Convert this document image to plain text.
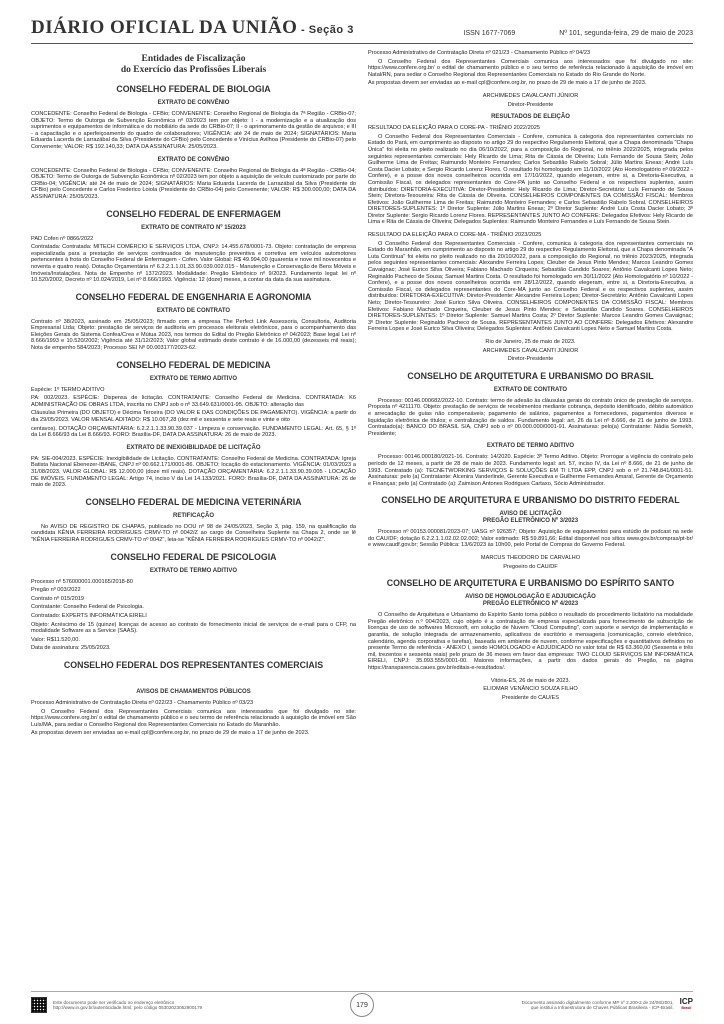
DIÁRIO OFICIAL DA UNIÃO - Seção 3	ISSN 1677-7069	Nº 101, segunda-feira, 29 de maio de 2023
Entidades de Fiscalização
do Exercício das Profissões Liberais
CONSELHO FEDERAL DE BIOLOGIA
EXTRATO DE CONVÊNIO

CONCEDENTE: Conselho Federal de Biologia - CFBio; CONVENENTE: Conselho Regional de Biologia da 7ª Região - CRBio-07; OBJETO: Termo de Outorga de Subvenção Econômica nº 03/2023 tem por objeto: I - a modernização e a atualização dos suprimentos e equipamentos de informática e do mobiliário da sede do CRBio-07; II - o aprimoramento da gestão de arquivos; e III - a capacitação e o aperfeiçoamento do quadro de colaboradores; VIGÊNCIA: até 24 de maio de 2024; SIGNATÁRIOS: Maria Eduarda Lacerda de Larrazábal da Silva (Presidente do CFBio) pelo Concedente e Vinícius Avilhoa (Presidente do CRBio-07) pelo Convenente; VALOR: R$ 192.140,33; DATA DA ASSINATURA: 25/05/2023.

EXTRATO DE CONVÊNIO

CONCEDENTE: Conselho Federal de Biologia - CFBio; CONVENENTE: Conselho Regional de Biologia da 4ª Região - CRBio-04; OBJETO: Termo de Outorga de Subvenção Econômica nº 02/2023 tem por objeto a aquisição de veículo customizado por parte do CRBio-04; VIGÊNCIA: até 24 de maio de 2024; SIGNATÁRIOS: Maria Eduarda Lacerda de Larrazábal da Silva (Presidente do CFBio) pelo Concedente e Carlos Frederico Loiola (Presidente do CRBio-04) pelo Convenente; VALOR: R$ 300.000,00; DATA DA ASSINATURA: 25/05/2023.

CONSELHO FEDERAL DE ENFERMAGEM
EXTRATO DE CONTRATO Nº 15/2023

PAD Cofen nº 0866/2022

Contratada: Contratada: MITECH COMÉRCIO E SERVIÇOS LTDA, CNPJ: 14.455.678/0001-73. Objeto: contratação de empresa especializada para a prestação de serviços continuados de manutenção preventiva e corretiva em veículos automotores pertencentes à frota do Conselho Federal de Enfermagem - Cofen. Valor Global: R$ 49.994,00 (quarenta e nove mil novecentos e noventa e quatro reais). Dotação Orçamentária nº 6.2.2.1.1.01.33.90.039.002.015 - Manutenção e Conservação de Bens Móveis e Imóveis/Instalações. Nota de Empenho nº 1372/2023. Modalidade: Pregão Eletrônico nº 9/2023. Fundamento legal: lei nº 10.520/2002, Decreto nº 10.024/2019, Lei nº 8.666/1993. Vigência: 12 (doze) meses, a contar da data da sua assinatura.

CONSELHO FEDERAL DE ENGENHARIA E AGRONOMIA
EXTRATO DE CONTRATO

Contrato nº 38/2023, assinado em 25/05/2023; firmado com a empresa The Perfect Link Assessoria, Consultoria, Auditoria Empresarial Ltda; Objeto: prestação de serviços de auditoria em processos eleitorais eletrônicos, para o acompanhamento das Eleições Gerais do Sistema Confea/Crea e Mútua 2023, nos termos do Edital do Pregão Eletrônico nº 04/2023; Base legal Lei nº 8.666/1993 e 10.520/2002; Vigência até 31/12/2023; Valor global estimado deste contrato é de 16.000,00 (dezesseis mil reais); Nota de empenho 584/2023; Processo SEI Nº 00.003177/2023-62.

CONSELHO FEDERAL DE MEDICINA
EXTRATO DE TERMO ADITIVO

Espécie: 1º TERMO ADITIVO

PA: 002/2023. ESPÉCIE: Dispensa de licitação. CONTRATANTE: Conselho Federal de Medicina. CONTRATADA: K6 ADMINISTRAÇÃO DE OBRAS LTDA, inscrita no CNPJ sob o nº 33.649.631/0001-95. OBJETO: alteração das

Cláusulas Primeira (DO OBJETO) e Décima Terceira (DO VALOR E DAS CONDIÇÕES DE PAGAMENTO). VIGÊNCIA: a partir do dia 29/05/2023. VALOR MENSAL ADITADO: R$ 10.067,28 (dez mil e sessenta e sete reais e vinte e oito

centavos). DOTAÇÃO ORÇAMENTÁRIA: 6.2.2.1.1.33.90.39.037 - Limpeza e conservação. FUNDAMENTO LEGAL: Art. 65, § 1º da Lei 8.666/93 da Lei 8.666/93. FORO: Brasília-DF, DATA DA ASSINATURA: 26 de maio de 2023.

EXTRATO DE INEXIGIBILIDADE DE LICITAÇÃO

PA: SIE-004/2023. ESPÉCIE: Inexigibilidade de Licitação. CONTRATANTE: Conselho Federal de Medicina. CONTRATADA: Igreja Batista Nacional Ebenezer-IBANE, CNPJ nº 00.662.171/0001-86. OBJETO: locação do estacionamento. VIGÊNCIA: 01/03/2023 a 31/08/2023. VALOR GLOBAL: R$ 12.000,00 (doze mil reais). DOTAÇÃO ORÇAMENTÁRIA: 6.2.2.1.1.33.90.39.005 - LOCAÇÃO DE IMÓVEIS. FUNDAMENTO LEGAL: Artigo 74, inciso V da Lei 14.133/2021. FORO: Brasília-DF, DATA DA ASSINATURA: 26 de maio de 2023.

CONSELHO FEDERAL DE MEDICINA VETERINÁRIA
RETIFICAÇÃO

No AVISO DE REGISTRO DE CHAPAS, publicado no DOU nº 98 de 24/05/2023, Seção 3, pág. 159, na qualificação da candidata KÊNIA FERREIRA RODRIGUES CRMV-TO nº 0042/Z ao cargo de Conselheira Suplente na Chapa 2, onde se lê "KÊNIA FERREIRA RODRIGUES CRMV-TO nº 0042", leia-se "KÊNIA FERREIRA RODRIGUES CRMV-TO nº 0042/Z".

CONSELHO FEDERAL DE PSICOLOGIA
EXTRATO DE TERMO ADITIVO

Processo nº 576000001.000165/2018-80

Pregão nº 003/2022

Contrato nº 015/2019

Contratante: Conselho Federal de Psicologia.

Contratado: EXPERTS INFORMÁTICA EIRELI

Objeto: Acréscimo de 15 (quinze) licenças de acesso ao contrato de fornecimento inicial de serviços de e-mail para o CFP, na modalidade Software as a Service (SAAS).

Valor: R$11.520,00.

Data de assinatura: 25/05/2023.

CONSELHO FEDERAL DOS REPRESENTANTES COMERCIAIS
AVISOS DE CHAMAMENTOS PÚBLICOS

Processo Administrativo de Contratação Direta nº 022/23 - Chamamento Público nº 03/23

O Conselho Federal dos Representantes Comerciais comunica aos interessados que foi divulgado no site: https://www.confere.org.br/ o edital de chamamento público e o seu termo de referência relacionado à aquisição de imóvel em São Luís/MA, para sediar o Conselho Regional dos Representantes Comerciais no Estado do Maranhão.

As propostas devem ser enviadas ao e-mail cpl@confere.org.br, no prazo de 29 de maio a 17 de junho de 2023.

Processo Administrativo de Contratação Direta nº 021/23 - Chamamento Público nº 04/23

O Conselho Federal dos Representantes Comerciais comunica aos interessados que foi divulgado no site: https://www.confere.org.br/ o edital de chamamento público e o seu termo de referência relacionado à aquisição de imóvel em Natal/RN, para sediar o Conselho Regional dos Representantes Comerciais no Estado do Rio Grande do Norte.

As propostas devem ser enviadas ao e-mail cpl@confere.org.br, no prazo de 29 de maio a 17 de junho de 2023.

ARCHIMEDES CAVALCANTI JÚNIOR

Diretor-Presidente

RESULTADOS DE ELEIÇÃO

RESULTADO DA ELEIÇÃO PARA O CORE-PA - TRIÊNIO 2022/2025

O Conselho Federal dos Representantes Comerciais - Confere, comunica à categoria dos representantes comerciais no Estado do Pará, em cumprimento ao disposto no artigo 29 do respectivo Regulamento Eleitoral, que a Chapa denominada "Chapa Única" foi eleita no pleito realizado no dia 06/10/2022, para a composição do Regional, no triênio 2022/2025, integrada pelos seguintes representantes comerciais: Hely Ricardo de Lima; Rita de Cássia de Oliveira; Luís Fernando de Sousa Stein; João Guilherme Lima de Freitas; Raimundo Monteiro Fernandes; Carlos Sebastião Rabelo Sobral; Júlio Martins Eneas; André Luís Costa Dacier Lobato; e Sergio Ricardo Lorenz Flores. O resultado foi homologado em 11/10/2022 (Ato Homologatório nº 09/2022 - Confere), e a posse dos novos conselheiros ocorrida em 17/10/2022, quando elegeram, entre si, a Diretoria-Executiva, a Comissão Fiscal, os delegados representantes do Core-PA junto ao Conselho Federal e os respectivos suplentes, assim distribuídos: DIRETORIA-EXECUTIVA: Diretor-Presidente: Hely Ricardo de Lima; Diretor-Secretário: Luís Fernando de Sousa Stein; Diretora-Tesoureira: Rita de Cássia de Oliveira. CONSELHEIROS COMPONENTES DA COMISSÃO FISCAL: Membros Efetivos: João Guilherme Lima de Freitas; Raimundo Monteiro Fernandes; e Carlos Sebastião Rabelo Sobral. CONSELHEIROS DIRETORES-SUPLENTES: 1º Diretor Suplente: Júlio Martins Eneas; 2º Diretor Suplente: André Luís Costa Dacier Lobato; 3º Diretor Suplente: Sergio Ricardo Lorenz Flores. REPRESENTANTES JUNTO AO CONFERE: Delegados Efetivos: Hely Ricardo de Lima e Rita de Cássia de Oliveira; Delegados Suplentes: Raimundo Monteiro Fernandes e Luís Fernando de Sousa Stein.

RESULTADO DA ELEIÇÃO PARA O CORE-MA - TRIÊNIO 2023/2025

O Conselho Federal dos Representantes Comerciais - Confere, comunica à categoria dos representantes comerciais no Estado do Maranhão, em cumprimento ao disposto no artigo 29 do respectivo Regulamento Eleitoral, que a Chapa denominada "A Luta Continua" foi eleita no pleito realizado no dia 20/10/2022, para a composição do Regional, no triênio 2023/2025, integrada pelos seguintes representantes comerciais: Alexandre Ferreira Lopes; Cleuber de Jesus Pinto Mendes; Marcos Leandro Gomes Cavaignac; José Eurico Silva Oliveira; Fabiano Machado Cirqueira; Sebastião Candido Soares; Antônio Cavalcanti Lopes Neto; Reginaldo Pacheco de Sousa; Samuel Martins Costa. O resultado foi homologado em 30/11/2022 (Ato Homologatório nº 10/2022 - Confere), e a posse dos novos conselheiros ocorrida em 28/12/2022, quando elegeram, entre si, a Diretoria-Executiva, a Comissão Fiscal, os delegados representantes do Core-MA junto ao Conselho Federal e os respectivos suplentes, assim distribuídos: DIRETORIA-EXECUTIVA: Diretor-Presidente: Alexandre Ferreira Lopes; Diretor-Secretário: Antônio Cavalcanti Lopes Neto; Diretor-Tesoureiro: José Eurico Silva Oliveira. CONSELHEIROS COMPONENTES DA COMISSÃO FISCAL: Membros Efetivos: Fabiano Machado Cirqueira, Cleuber de Jesus Pinto Mendes; e Sebastião Candido Soares. CONSELHEIROS DIRETORES-SUPLENTES: 1º Diretor Suplente: Samuel Martins Costa; 2º Diretor Suplente: Marcos Leandro Gomes Cavaignac; 3º Diretor Suplente: Reginaldo Pacheco de Sousa. REPRESENTANTES JUNTO AO CONFERE: Delegados Efetivos: Alexandre Ferreira Lopes e José Eurico Silva Oliveira; Delegados Suplentes: Antônio Cavalcanti Lopes Neto e Samuel Martins Costa.

Rio de Janeiro, 25 de maio de 2023.

ARCHIMEDES CAVALCANTI JÚNIOR

Diretor-Presidente

CONSELHO DE ARQUITETURA E URBANISMO DO BRASIL
EXTRATO DE CONTRATO

Processo: 00146.000682/2022-10. Contrato: termo de adesão às cláusulas gerais do contrato único de prestação de serviços. Proposta nº 4211170. Objeto: prestação de serviços de recebimentos mediante cobrança, depósito identificado, débito automático e arrecadação de guias não compensáveis; pagamento de salários, pagamentos a fornecedores, pagamentos diversos e liquidação eletrônica de títulos; e centralização de saldos. Fundamento legal: art. 26 da Lei nº 8.666, de 21 de junho de 1993. Contratado(a): BANCO DO BRASIL S/A, CNPJ sob o nº 00.000.000/0001-91. Assinaturas: pelo(a) Contratante: Nádia Somekh, Presidente;

EXTRATO DE TERMO ADITIVO

Processo: 00146.000180/2021-16. Contrato: 14/2020. Espécie: 3º Termo Aditivo. Objeto: Prorrogar a vigência do contrato pelo período de 12 meses, a partir de 28 de maio de 2023. Fundamento legal: art. 57, inciso IV, da Lei nº 8.666, de 21 de junho de 1993. Contratado (a): TECNETWORKING SERVIÇOS E SOLUÇÕES EM TI LTDA EPP, CNPJ sob o nº 21.748.841/0001-51. Assinaturas: pelo (a) Contratante: Alcenira Vanderlinde, Gerente Executiva e Guilherme Fernandes Amaral, Gerente de Orçamento e Finanças; pelo (a) Contratado (a): Zaimison Antones Rodrigues Cartaxo, Sócio Administrador.

CONSELHO DE ARQUITETURA E URBANISMO DO DISTRITO FEDERAL
AVISO DE LICITAÇÃO
PREGÃO ELETRÔNICO Nº 3/2023

Processo nº 00153.000081/2023-07; UASG nº 926357; Objeto: Aquisição de equipamentos para estúdio de podcast na sede do CAU/DF; dotação 6.2.2.1.1.02.02.02.002; Valor estimado: R$ 59.891,66; Edital disponível nos sítios www.gov.br/compras/pt-br/ e www.caudf.gov.br; Sessão Pública: 13/6/2023 às 10h00, pelo Portal de Compras do Governo Federal.

MARCUS THEODORO DE CARVALHO

Pregoeiro do CAU/DF

CONSELHO DE ARQUITETURA E URBANISMO DO ESPÍRITO SANTO
AVISO DE HOMOLOGAÇÃO E ADJUDICAÇÃO
PREGÃO ELETRÔNICO Nº 4/2023

O Conselho de Arquitetura e Urbanismo do Espírito Santo torna público o resultado do procedimento licitatório na modalidade Pregão eletrônico n.º 004/2023, cujo objeto é a contratação de empresa especializada para fornecimento de subscrição de licenças de uso de softwares Microsoft, em solução de Nuvem "Cloud Computing", com suporte e serviço de implementação e garantia, de solução integrada de armazenamento, aplicativos de escritório e mensageria (comunicação, correio eletrônico, calendário, agenda corporativa e tarefas), baseada em ambiente de nuvem, conforme especificações e quantitativos definidos no presente Termo de referência - ANEXO I, sendo HOMOLOGADO e ADJUDICADO no valor total de R$ 63.360,00 (Sessenta e três mil, trezentos e sessenta reais) pelo prazo de 36 meses em favor das empresas: TWO CLOUD SERVIÇOS EM INFORMÁTICA EIRELI, CNPJ: 35.093.555/0001-00. Maiores informações, a partir dos dados gerais do Pregão, na página https://transparencia.caues.gov.br/editais-e-resultados/.

Vitória-ES, 26 de maio de 2023.

ELIOMAR VENÂNCIO SOUZA FILHO

Presidente do CAU/ES

Este documento pode ser verificado no endereço eletrônico
http://www.in.gov.br/autenticidade.html, pelo código 05302023052900179	179	Documento assinado digitalmente conforme MP nº 2.200-2 de 24/08/2001,
que institui a Infraestrutura de Chaves Públicas Brasileira - ICP-Brasil.
ICP
Brasil
